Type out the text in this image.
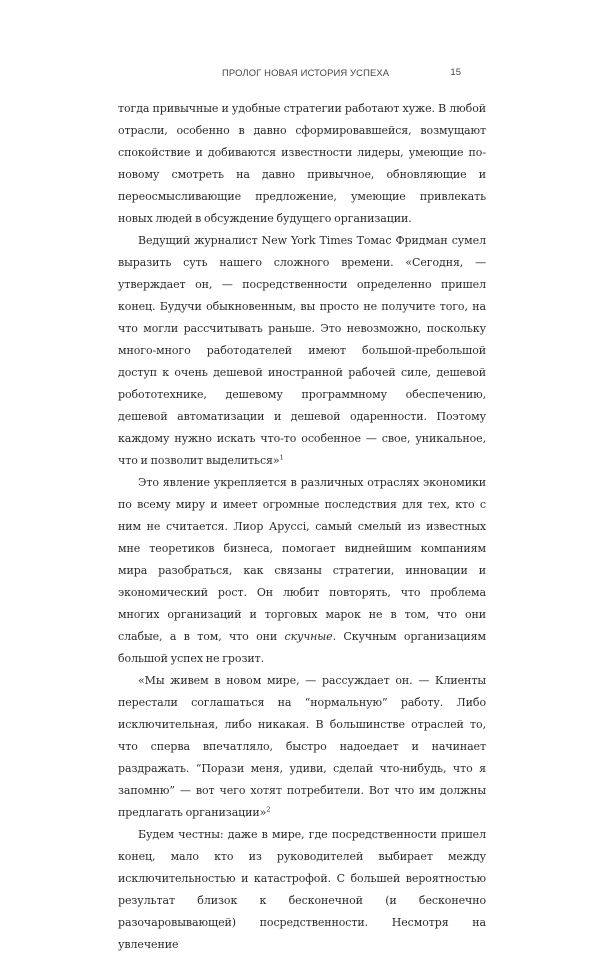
ПРОЛОГ НОВАЯ ИСТОРИЯ УСПЕХА	15

тогда привычные и удобные стратегии работают хуже. В любой отрасли, особенно в давно сформировавшейся, возмущают спокойствие и добиваются известности лидеры, умеющие по-новому смотреть на давно привычное, обновляющие и переосмысливающие предложение, умеющие привлекать новых людей в обсуждение будущего организации.

Ведущий журналист New York Times Томас Фридман сумел выразить суть нашего сложного времени. «Сегодня, — утверждает он, — посредственности определенно пришел конец. Будучи обыкновенным, вы просто не получите того, на что могли рассчитывать раньше. Это невозможно, поскольку много-много работодателей имеют большой-пребольшой доступ к очень дешевой иностранной рабочей силе, дешевой робототехнике, дешевому программному обеспечению, дешевой автоматизации и дешевой одаренности. Поэтому каждому нужно искать что-то особенное — свое, уникальное, что и позволит выделиться»$^1$

Это явление укрепляется в различных отраслях экономики по всему миру и имеет огромные последствия для тех, кто с ним не считается. Лиор Аруссі, самый смелый из известных мне теоретиков бизнеса, помогает виднейшим компаниям мира разобраться, как связаны стратегии, инновации и экономический рост. Он любит повторять, что проблема многих организаций и торговых марок не в том, что они слабые, а в том, что они скучные. Скучным организациям большой успех не грозит.

«Мы живем в новом мире, — рассуждает он. — Клиенты перестали соглашаться на “нормальную” работу. Либо исключительная, либо никакая. В большинстве отраслей то, что сперва впечатляло, быстро надоедает и начинает раздражать. “Порази меня, удиви, сделай что-нибудь, что я запомню” — вот чего хотят потребители. Вот что им должны предлагать организации»$^2$

Будем честны: даже в мире, где посредственности пришел конец, мало кто из руководителей выбирает между исключительностью и катастрофой. С большей вероятностью результат близок к бесконечной (и бесконечно разочаровывающей) посредственности. Несмотря на увлечение
